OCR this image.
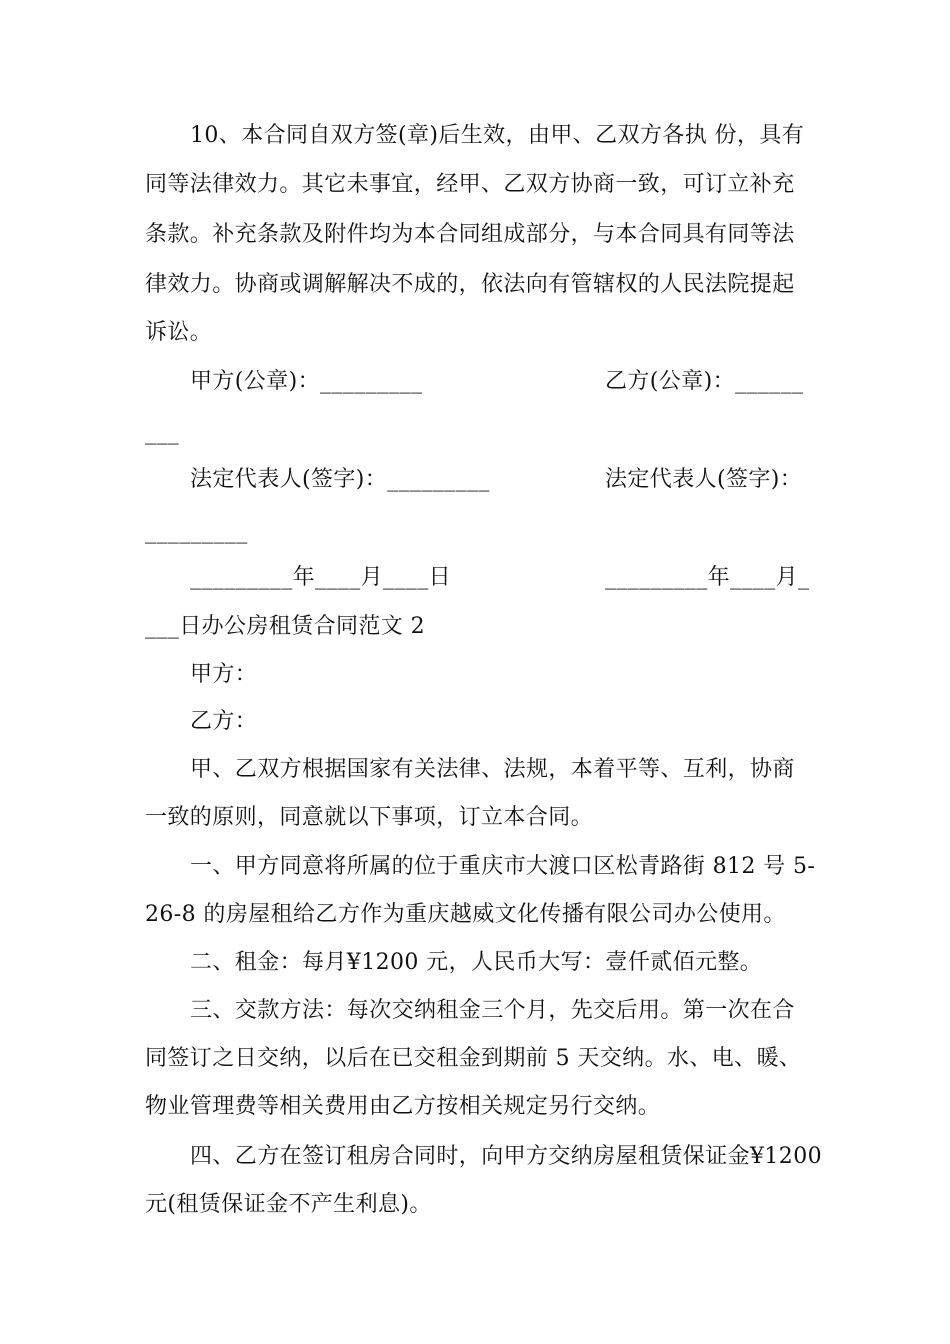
10、本合同自双方签(章)后生效，由甲、乙双方各执 份，具有
同等法律效力。其它未事宜，经甲、乙双方协商一致，可订立补充
条款。补充条款及附件均为本合同组成部分，与本合同具有同等法
律效力。协商或调解解决不成的，依法向有管辖权的人民法院提起
诉讼。
甲方(公章)：_________	乙方(公章)：______
___
法定代表人(签字)：_________	法定代表人(签字)：
_________
_________年____月____日	_________年____月_
___日办公房租赁合同范文 2
甲方：
乙方：
甲、乙双方根据国家有关法律、法规，本着平等、互利，协商
一致的原则，同意就以下事项，订立本合同。
一、甲方同意将所属的位于重庆市大渡口区松青路街 812 号 5-
26-8 的房屋租给乙方作为重庆越威文化传播有限公司办公使用。
二、租金：每月¥1200 元，人民币大写：壹仟贰佰元整。
三、交款方法：每次交纳租金三个月，先交后用。第一次在合
同签订之日交纳，以后在已交租金到期前 5 天交纳。水、电、暖、
物业管理费等相关费用由乙方按相关规定另行交纳。
四、乙方在签订租房合同时，向甲方交纳房屋租赁保证金¥1200
元(租赁保证金不产生利息)。
